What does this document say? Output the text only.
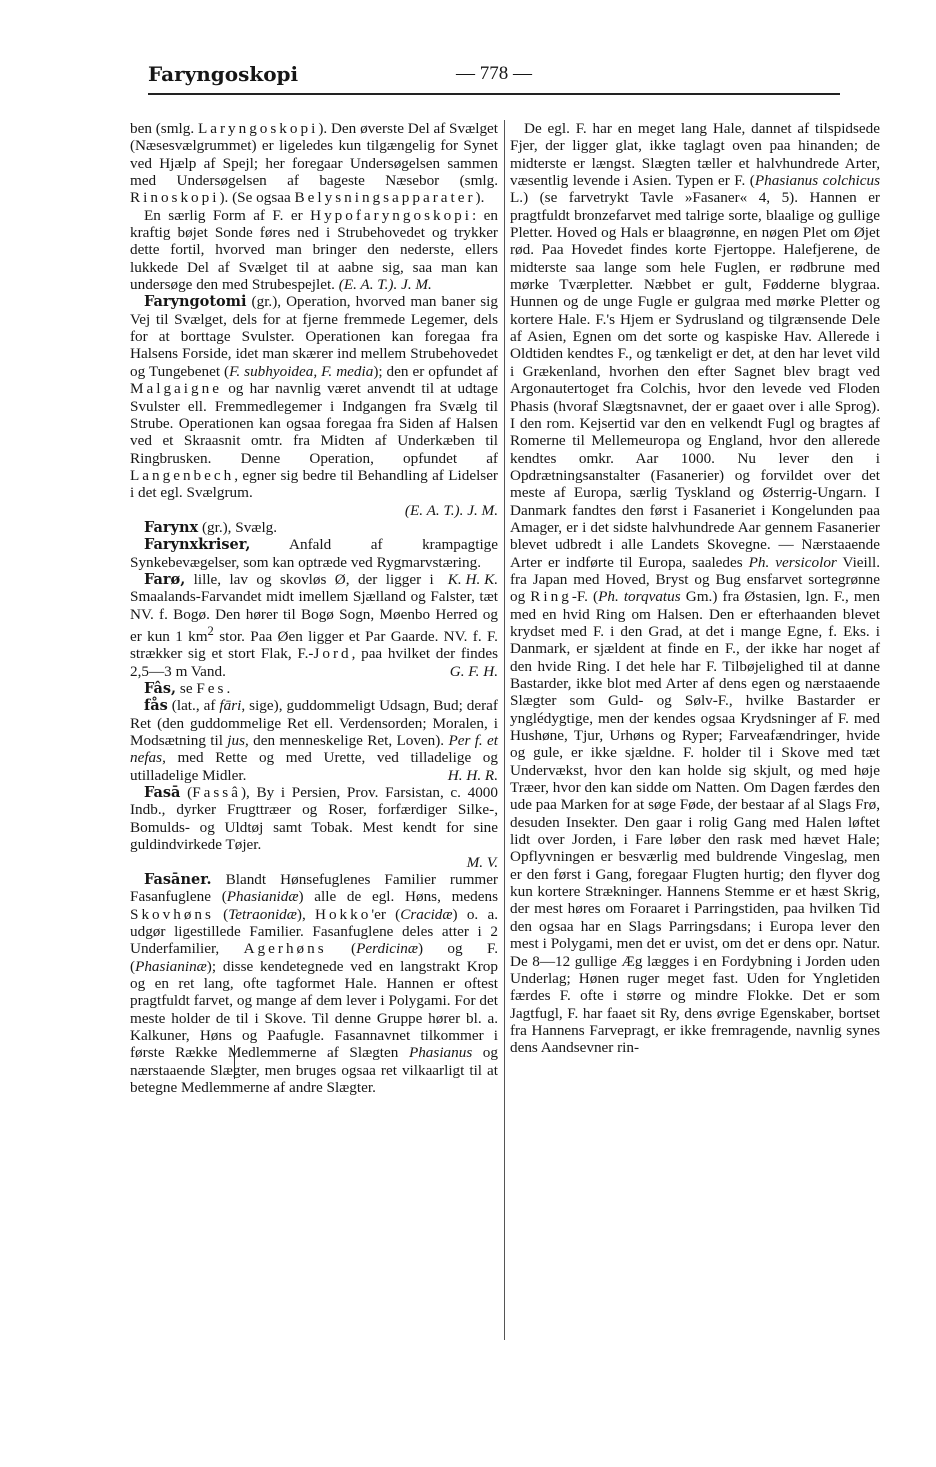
Faryngoskopi	— 778 —

ben (smlg. Laryngoskopi). Den øverste Del af Svælget (Næsesvælgrummet) er ligeledes kun tilgængelig for Synet ved Hjælp af Spejl; her foregaar Undersøgelsen sammen med Undersøgelsen af bageste Næsebor (smlg. Rinoskopi). (Se ogsaa Belysningsapparater).

En særlig Form af F. er Hypofaryngoskopi: en kraftig bøjet Sonde føres ned i Strubehovedet og trykker dette fortil, hvorved man bringer den nederste, ellers lukkede Del af Svælget til at aabne sig, saa man kan undersøge den med Strubespejlet. (E. A. T.). J. M.

Faryngotomi (gr.), Operation, hvorved man baner sig Vej til Svælget, dels for at fjerne fremmede Legemer, dels for at borttage Svulster. Operationen kan foregaa fra Halsens Forside, idet man skærer ind mellem Strubehovedet og Tungebenet (F. subhyoidea, F. media); den er opfundet af Malgaigne og har navnlig været anvendt til at udtage Svulster ell. Fremmedlegemer i Indgangen fra Svælg til Strube. Operationen kan ogsaa foregaa fra Siden af Halsen ved et Skraasnit omtr. fra Midten af Underkæben til Ringbrusken. Denne Operation, opfundet af Langenbech, egner sig bedre til Behandling af Lidelser i det egl. Svælgrum.
(E. A. T.). J. M.

Farynx (gr.), Svælg.

Farynxkriser, Anfald af krampagtige Synkebevægelser, som kan optræde ved Rygmarvstæring.
K. H. K.

Farø, lille, lav og skovløs Ø, der ligger i Smaalands-Farvandet midt imellem Sjælland og Falster, tæt NV. f. Bogø. Den hører til Bogø Sogn, Møenbo Herred og er kun 1 $km^2$ stor. Paa Øen ligger et Par Gaarde. NV. f. F. strækker sig et stort Flak, F.-Jord, paa hvilket der findes 2,5—3 m Vand.	G. F. H.

Fâs, se Fes.

fås (lat., af fāri, sige), guddommeligt Udsagn, Bud; deraf Ret (den guddommelige Ret ell. Verdensorden; Moralen, i Modsætning til jus, den menneskelige Ret, Loven). Per f. et nefas, med Rette og med Urette, ved tilladelige og utilladelige Midler.	H. H. R.

Fasā (Fassâ), By i Persien, Prov. Farsistan, c. 4000 Indb., dyrker Frugttræer og Roser, forfærdiger Silke-, Bomulds- og Uldtøj samt Tobak. Mest kendt for sine guldindvirkede Tøjer.
M. V.

Fasāner. Blandt Hønsefuglenes Familier rummer Fasanfuglene (Phasianidæ) alle de egl. Høns, medens Skovhøns (Tetraonidæ), Hokko'er (Cracidæ) o. a. udgør ligestillede Familier. Fasanfuglene deles atter i 2 Underfamilier, Agerhøns (Perdicinæ) og F. (Phasianinæ); disse kendetegnede ved en langstrakt Krop og en ret lang, ofte tagformet Hale. Hannen er oftest pragtfuldt farvet, og mange af dem lever i Polygami. For det meste holder de til i Skove. Til denne Gruppe hører bl. a. Kalkuner, Høns og Paafugle. Fasannavnet tilkommer i første Række Medlemmerne af Slægten Phasianus og nærstaaende Slægter, men bruges ogsaa ret vilkaarligt til at betegne Medlemmerne af andre Slægter.

De egl. F. har en meget lang Hale, dannet af tilspidsede Fjer, der ligger glat, ikke taglagt oven paa hinanden; de midterste er længst. Slægten tæller et halvhundrede Arter, væsentlig levende i Asien. Typen er F. (Phasianus colchicus L.) (se farvetrykt Tavle »Fasaner« 4, 5). Hannen er pragtfuldt bronzefarvet med talrige sorte, blaalige og gullige Pletter. Hoved og Hals er blaagrønne, en nøgen Plet om Øjet rød. Paa Hovedet findes korte Fjertoppe. Halefjerene, de midterste saa lange som hele Fuglen, er rødbrune med mørke Tværpletter. Næbbet er gult, Fødderne blygraa. Hunnen og de unge Fugle er gulgraa med mørke Pletter og kortere Hale. F.'s Hjem er Sydrusland og tilgrænsende Dele af Asien, Egnen om det sorte og kaspiske Hav. Allerede i Oldtiden kendtes F., og tænkeligt er det, at den har levet vild i Grækenland, hvorhen den efter Sagnet blev bragt ved Argonautertoget fra Colchis, hvor den levede ved Floden Phasis (hvoraf Slægtsnavnet, der er gaaet over i alle Sprog). I den rom. Kejsertid var den en velkendt Fugl og bragtes af Romerne til Mellemeuropa og England, hvor den allerede kendtes omkr. Aar 1000. Nu lever den i Opdrætningsanstalter (Fasanerier) og forvildet over det meste af Europa, særlig Tyskland og Østerrig-Ungarn. I Danmark fandtes den først i Fasaneriet i Kongelunden paa Amager, er i det sidste halvhundrede Aar gennem Fasanerier blevet udbredt i alle Landets Skovegne. — Nærstaaende Arter er indførte til Europa, saaledes Ph. versicolor Vieill. fra Japan med Hoved, Bryst og Bug ensfarvet sortegrønne og Ring-F. (Ph. torqvatus Gm.) fra Østasien, lgn. F., men med en hvid Ring om Halsen. Den er efterhaanden blevet krydset med F. i den Grad, at det i mange Egne, f. Eks. i Danmark, er sjældent at finde en F., der ikke har noget af den hvide Ring. I det hele har F. Tilbøjelighed til at danne Bastarder, ikke blot med Arter af dens egen og nærstaaende Slægter som Guld- og Sølv-F., hvilke Bastarder er ynglédygtige, men der kendes ogsaa Krydsninger af F. med Hushøne, Tjur, Urhøns og Ryper; Farveafændringer, hvide og gule, er ikke sjældne. F. holder til i Skove med tæt Undervækst, hvor den kan holde sig skjult, og med høje Træer, hvor den kan sidde om Natten. Om Dagen færdes den ude paa Marken for at søge Føde, der bestaar af al Slags Frø, desuden Insekter. Den gaar i rolig Gang med Halen løftet lidt over Jorden, i Fare løber den rask med hævet Hale; Opflyvningen er besværlig med buldrende Vingeslag, men er den først i Gang, foregaar Flugten hurtig; den flyver dog kun kortere Strækninger. Hannens Stemme er et hæst Skrig, der mest høres om Foraaret i Parringstiden, paa hvilken Tid den ogsaa har en Slags Parringsdans; i Europa lever den mest i Polygami, men det er uvist, om det er dens opr. Natur. De 8—12 gullige Æg lægges i en Fordybning i Jorden uden Underlag; Hønen ruger meget fast. Uden for Yngletiden færdes F. ofte i større og mindre Flokke. Det er som Jagtfugl, F. har faaet sit Ry, dens øvrige Egenskaber, bortset fra Hannens Farvepragt, er ikke fremragende, navnlig synes dens Aandsevner rin-
